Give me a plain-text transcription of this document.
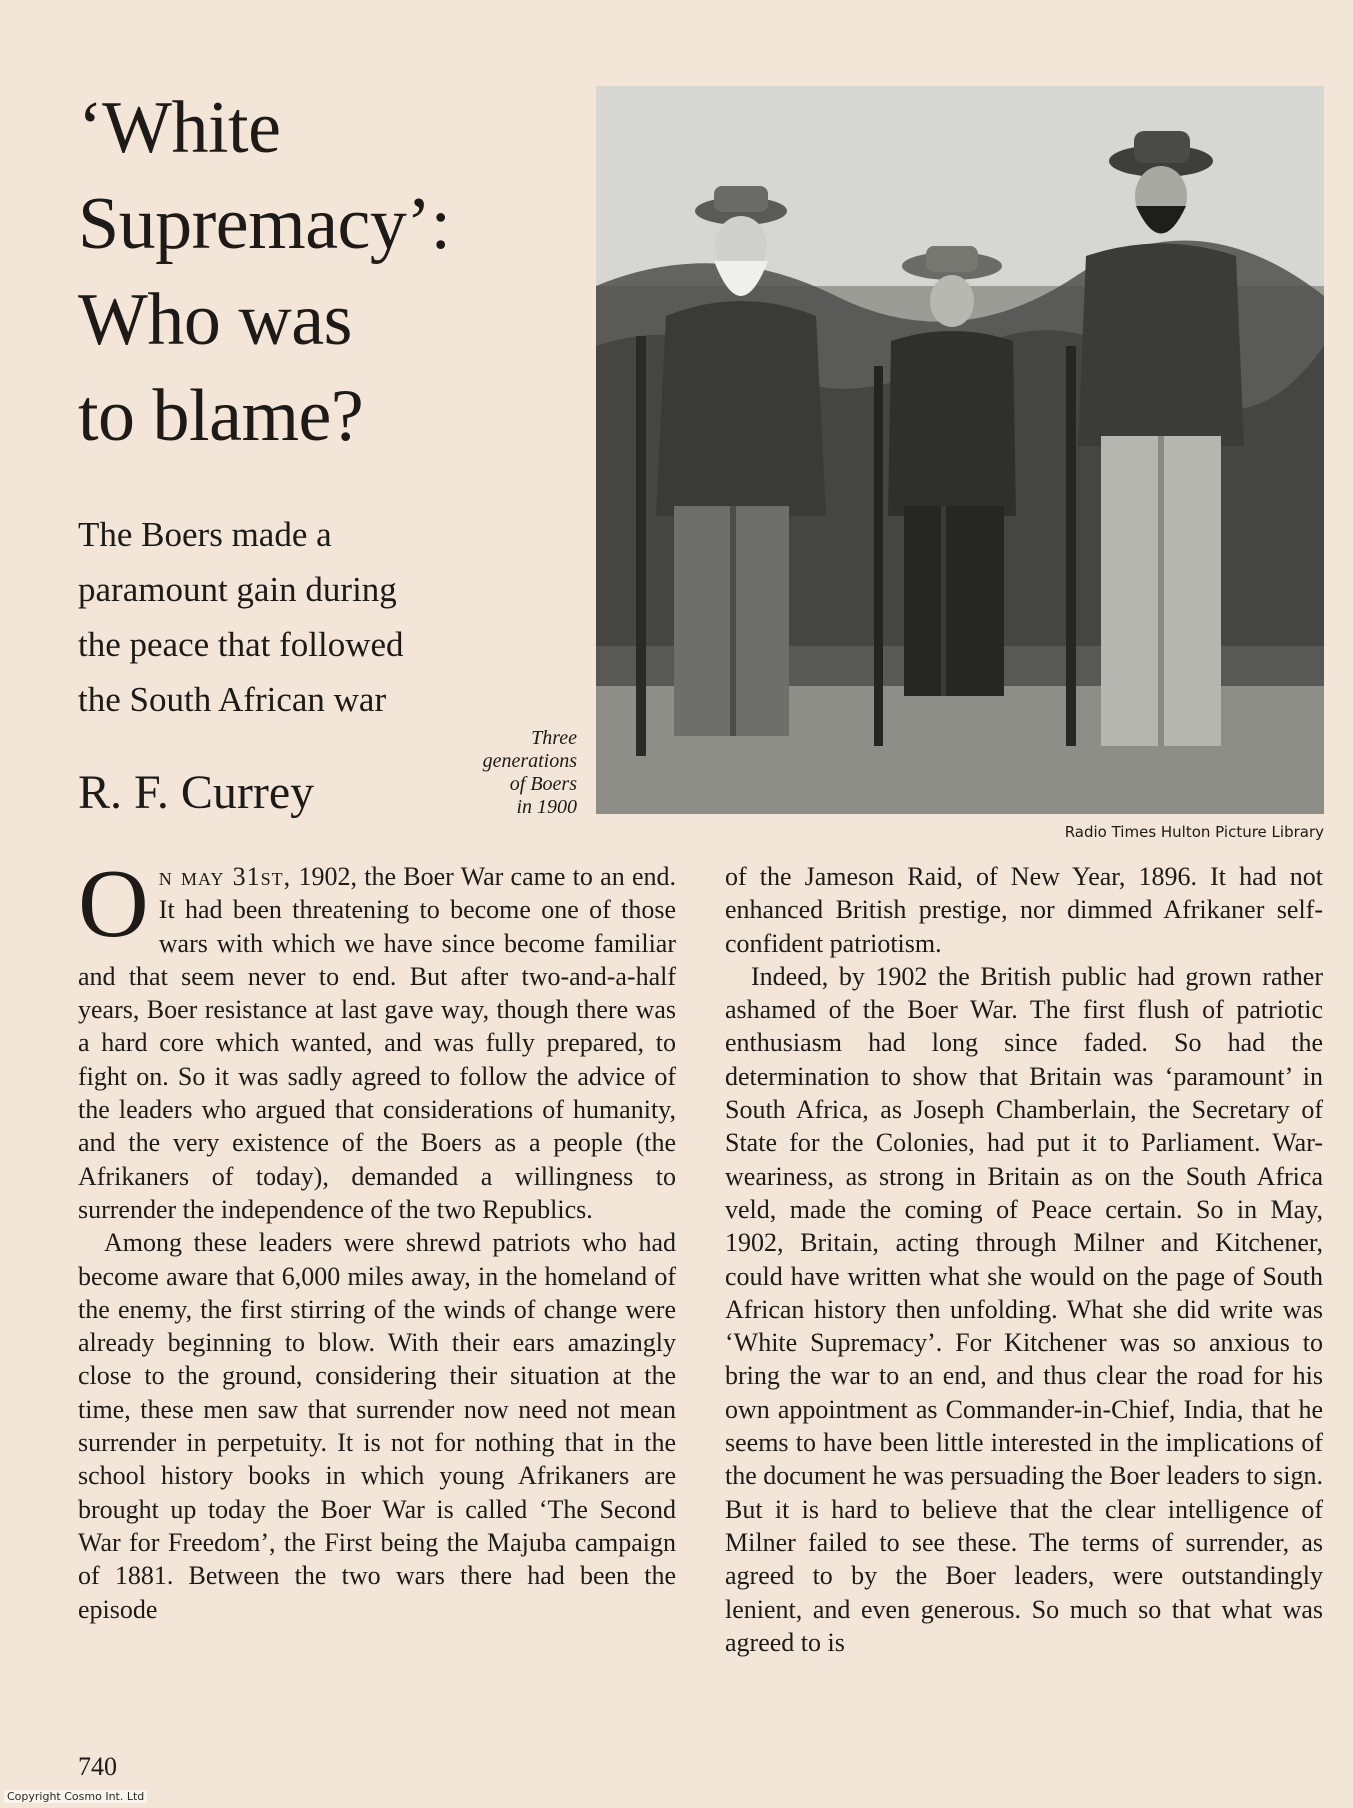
‘White
Supremacy’:
Who was
to blame?
The Boers made a
paramount gain during
the peace that followed
the South African war
R. F. Currey
Three
generations
of Boers
in 1900
Radio Times Hulton Picture Library

On may 31st, 1902, the Boer War came to an end. It had been threatening to become one of those wars with which we have since become familiar and that seem never to end. But after two-and-a-half years, Boer resistance at last gave way, though there was a hard core which wanted, and was fully prepared, to fight on. So it was sadly agreed to follow the advice of the leaders who argued that considerations of humanity, and the very existence of the Boers as a people (the Afrikaners of today), demanded a willingness to surrender the independence of the two Republics.

Among these leaders were shrewd patriots who had become aware that 6,000 miles away, in the homeland of the enemy, the first stirring of the winds of change were already beginning to blow. With their ears amazingly close to the ground, considering their situation at the time, these men saw that surrender now need not mean surrender in perpetuity. It is not for nothing that in the school history books in which young Afrikaners are brought up today the Boer War is called ‘The Second War for Freedom’, the First being the Majuba campaign of 1881. Between the two wars there had been the episode

of the Jameson Raid, of New Year, 1896. It had not enhanced British prestige, nor dimmed Afrikaner self-confident patriotism.

Indeed, by 1902 the British public had grown rather ashamed of the Boer War. The first flush of patriotic enthusiasm had long since faded. So had the determination to show that Britain was ‘paramount’ in South Africa, as Joseph Chamberlain, the Secretary of State for the Colonies, had put it to Parliament. War-weariness, as strong in Britain as on the South Africa veld, made the coming of Peace certain. So in May, 1902, Britain, acting through Milner and Kitchener, could have written what she would on the page of South African history then unfolding. What she did write was ‘White Supremacy’. For Kitchener was so anxious to bring the war to an end, and thus clear the road for his own appointment as Commander-in-Chief, India, that he seems to have been little interested in the implications of the document he was persuading the Boer leaders to sign. But it is hard to believe that the clear intelligence of Milner failed to see these. The terms of surrender, as agreed to by the Boer leaders, were outstandingly lenient, and even generous. So much so that what was agreed to is

740
Copyright Cosmo Int. Ltd
